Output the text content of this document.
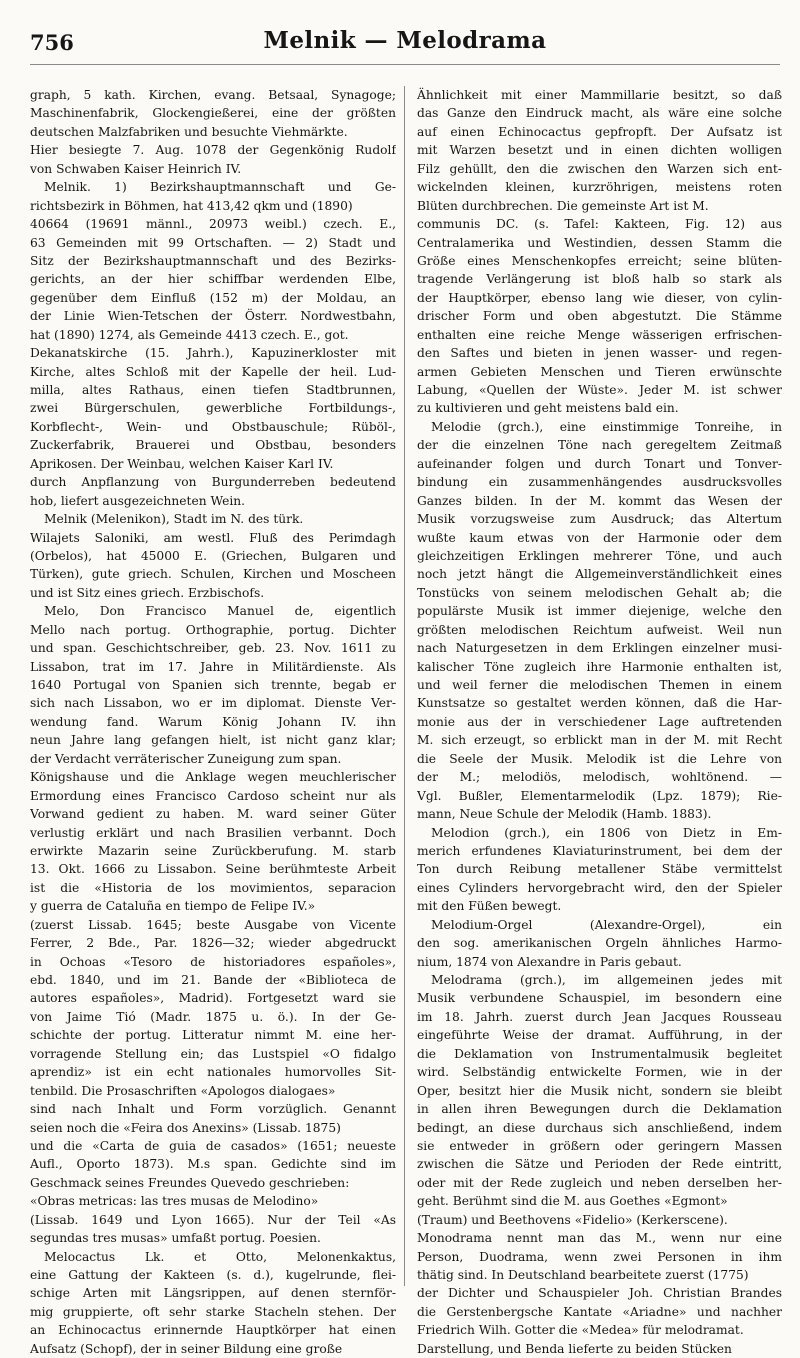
756	Melnik — Melodrama
graph, 5 kath. Kirchen, evang. Betsaal, Synagoge;
Maschinenfabrik, Glockengießerei, eine der größten
deutschen Malzfabriken und besuchte Viehmärkte.
Hier besiegte 7. Aug. 1078 der Gegenkönig Rudolf
von Schwaben Kaiser Heinrich IV.
Melnik. 1) Bezirkshauptmannschaft und Ge-
richtsbezirk in Böhmen, hat 413,42 qkm und (1890)
40664 (19691 männl., 20973 weibl.) czech. E.,
63 Gemeinden mit 99 Ortschaften. — 2) Stadt und
Sitz der Bezirkshauptmannschaft und des Bezirks-
gerichts, an der hier schiffbar werdenden Elbe,
gegenüber dem Einfluß (152 m) der Moldau, an
der Linie Wien-Tetschen der Österr. Nordwestbahn,
hat (1890) 1274, als Gemeinde 4413 czech. E., got.
Dekanatskirche (15. Jahrh.), Kapuzinerkloster mit
Kirche, altes Schloß mit der Kapelle der heil. Lud-
milla, altes Rathaus, einen tiefen Stadtbrunnen,
zwei Bürgerschulen, gewerbliche Fortbildungs-,
Korbflecht-, Wein- und Obstbauschule; Rüböl-,
Zuckerfabrik, Brauerei und Obstbau, besonders
Aprikosen. Der Weinbau, welchen Kaiser Karl IV.
durch Anpflanzung von Burgunderreben bedeutend
hob, liefert ausgezeichneten Wein.
Melnik (Melenikon), Stadt im N. des türk.
Wilajets Saloniki, am westl. Fluß des Perimdagh
(Orbelos), hat 45000 E. (Griechen, Bulgaren und
Türken), gute griech. Schulen, Kirchen und Moscheen
und ist Sitz eines griech. Erzbischofs.
Melo, Don Francisco Manuel de, eigentlich
Mello nach portug. Orthographie, portug. Dichter
und span. Geschichtschreiber, geb. 23. Nov. 1611 zu
Lissabon, trat im 17. Jahre in Militärdienste. Als
1640 Portugal von Spanien sich trennte, begab er
sich nach Lissabon, wo er im diplomat. Dienste Ver-
wendung fand. Warum König Johann IV. ihn
neun Jahre lang gefangen hielt, ist nicht ganz klar;
der Verdacht verräterischer Zuneigung zum span.
Königshause und die Anklage wegen meuchlerischer
Ermordung eines Francisco Cardoso scheint nur als
Vorwand gedient zu haben. M. ward seiner Güter
verlustig erklärt und nach Brasilien verbannt. Doch
erwirkte Mazarin seine Zurückberufung. M. starb
13. Okt. 1666 zu Lissabon. Seine berühmteste Arbeit
ist die «Historia de los movimientos, separacion
y guerra de Cataluña en tiempo de Felipe IV.»
(zuerst Lissab. 1645; beste Ausgabe von Vicente
Ferrer, 2 Bde., Par. 1826—32; wieder abgedruckt
in Ochoas «Tesoro de historiadores españoles»,
ebd. 1840, und im 21. Bande der «Biblioteca de
autores españoles», Madrid). Fortgesetzt ward sie
von Jaime Tió (Madr. 1875 u. ö.). In der Ge-
schichte der portug. Litteratur nimmt M. eine her-
vorragende Stellung ein; das Lustspiel «O fidalgo
aprendiz» ist ein echt nationales humorvolles Sit-
tenbild. Die Prosaschriften «Apologos dialogaes»
sind nach Inhalt und Form vorzüglich. Genannt
seien noch die «Feira dos Anexins» (Lissab. 1875)
und die «Carta de guia de casados» (1651; neueste
Aufl., Oporto 1873). M.s span. Gedichte sind im
Geschmack seines Freundes Quevedo geschrieben:
«Obras metricas: las tres musas de Melodino»
(Lissab. 1649 und Lyon 1665). Nur der Teil «As
segundas tres musas» umfaßt portug. Poesien.
Melocactus Lk. et Otto, Melonenkaktus,
eine Gattung der Kakteen (s. d.), kugelrunde, flei-
schige Arten mit Längsrippen, auf denen sternför-
mig gruppierte, oft sehr starke Stacheln stehen. Der
an Echinocactus erinnernde Hauptkörper hat einen
Aufsatz (Schopf), der in seiner Bildung eine große
Ähnlichkeit mit einer Mammillarie besitzt, so daß
das Ganze den Eindruck macht, als wäre eine solche
auf einen Echinocactus gepfropft. Der Aufsatz ist
mit Warzen besetzt und in einen dichten wolligen
Filz gehüllt, den die zwischen den Warzen sich ent-
wickelnden kleinen, kurzröhrigen, meistens roten
Blüten durchbrechen. Die gemeinste Art ist M.
communis DC. (s. Tafel: Kakteen, Fig. 12) aus
Centralamerika und Westindien, dessen Stamm die
Größe eines Menschenkopfes erreicht; seine blüten-
tragende Verlängerung ist bloß halb so stark als
der Hauptkörper, ebenso lang wie dieser, von cylin-
drischer Form und oben abgestutzt. Die Stämme
enthalten eine reiche Menge wässerigen erfrischen-
den Saftes und bieten in jenen wasser- und regen-
armen Gebieten Menschen und Tieren erwünschte
Labung, «Quellen der Wüste». Jeder M. ist schwer
zu kultivieren und geht meistens bald ein.
Melodie (grch.), eine einstimmige Tonreihe, in
der die einzelnen Töne nach geregeltem Zeitmaß
aufeinander folgen und durch Tonart und Tonver-
bindung ein zusammenhängendes ausdrucksvolles
Ganzes bilden. In der M. kommt das Wesen der
Musik vorzugsweise zum Ausdruck; das Altertum
wußte kaum etwas von der Harmonie oder dem
gleichzeitigen Erklingen mehrerer Töne, und auch
noch jetzt hängt die Allgemeinverständlichkeit eines
Tonstücks von seinem melodischen Gehalt ab; die
populärste Musik ist immer diejenige, welche den
größten melodischen Reichtum aufweist. Weil nun
nach Naturgesetzen in dem Erklingen einzelner musi-
kalischer Töne zugleich ihre Harmonie enthalten ist,
und weil ferner die melodischen Themen in einem
Kunstsatze so gestaltet werden können, daß die Har-
monie aus der in verschiedener Lage auftretenden
M. sich erzeugt, so erblickt man in der M. mit Recht
die Seele der Musik. Melodik ist die Lehre von
der M.; melodiös, melodisch, wohltönend. —
Vgl. Bußler, Elementarmelodik (Lpz. 1879); Rie-
mann, Neue Schule der Melodik (Hamb. 1883).
Melodion (grch.), ein 1806 von Dietz in Em-
merich erfundenes Klaviaturinstrument, bei dem der
Ton durch Reibung metallener Stäbe vermittelst
eines Cylinders hervorgebracht wird, den der Spieler
mit den Füßen bewegt.
Melodium-Orgel (Alexandre-Orgel), ein
den sog. amerikanischen Orgeln ähnliches Harmo-
nium, 1874 von Alexandre in Paris gebaut.
Melodrama (grch.), im allgemeinen jedes mit
Musik verbundene Schauspiel, im besondern eine
im 18. Jahrh. zuerst durch Jean Jacques Rousseau
eingeführte Weise der dramat. Aufführung, in der
die Deklamation von Instrumentalmusik begleitet
wird. Selbständig entwickelte Formen, wie in der
Oper, besitzt hier die Musik nicht, sondern sie bleibt
in allen ihren Bewegungen durch die Deklamation
bedingt, an diese durchaus sich anschließend, indem
sie entweder in größern oder geringern Massen
zwischen die Sätze und Perioden der Rede eintritt,
oder mit der Rede zugleich und neben derselben her-
geht. Berühmt sind die M. aus Goethes «Egmont»
(Traum) und Beethovens «Fidelio» (Kerkerscene).
Monodrama nennt man das M., wenn nur eine
Person, Duodrama, wenn zwei Personen in ihm
thätig sind. In Deutschland bearbeitete zuerst (1775)
der Dichter und Schauspieler Joh. Christian Brandes
die Gerstenbergsche Kantate «Ariadne» und nachher
Friedrich Wilh. Gotter die «Medea» für melodramat.
Darstellung, und Benda lieferte zu beiden Stücken
